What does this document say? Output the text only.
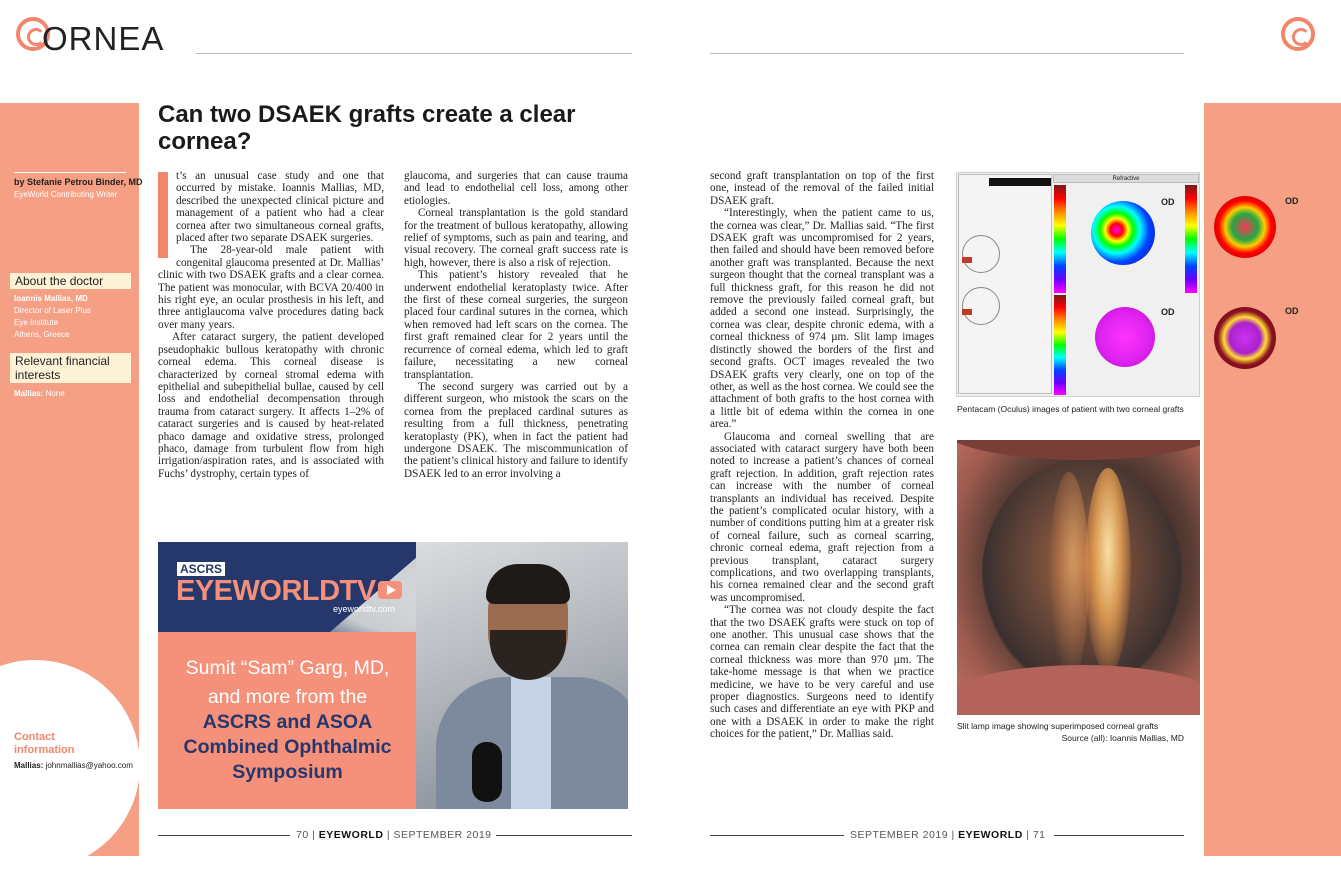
ORNEA
by Stefanie Petrou Binder, MD
EyeWorld Contributing Writer
About the doctor
Ioannis Mallias, MD
Director of Laser Plus
Eye Institute
Athens, Greece
Relevant financial
interests
Mallias: None
Contact
information
Mallias: johnmallias@yahoo.com
Can two DSAEK grafts create a clear cornea?

t’s an unusual case study and one that occurred by mistake. Ioannis Mallias, MD, described the unexpected clinical picture and management of a patient who had a clear cornea after two simultaneous corneal grafts, placed after two separate DSAEK surgeries.

The 28-year-old male patient with congenital glaucoma presented at Dr. Mallias’ clinic with two DSAEK grafts and a clear cornea. The patient was monocular, with BCVA 20/400 in his right eye, an ocular prosthesis in his left, and three antiglaucoma valve procedures dating back over many years.

After cataract surgery, the patient developed pseudophakic bullous keratopathy with chronic corneal edema. This corneal disease is characterized by corneal stromal edema with epithelial and subepithelial bullae, caused by cell loss and endothelial decompensation through trauma from cataract surgery. It affects 1–2% of cataract surgeries and is caused by heat-related phaco damage and oxidative stress, prolonged phaco, damage from turbulent flow from high irrigation/aspiration rates, and is associated with Fuchs’ dystrophy, certain types of

glaucoma, and surgeries that can cause trauma and lead to endothelial cell loss, among other etiologies.

Corneal transplantation is the gold standard for the treatment of bullous keratopathy, allowing relief of symptoms, such as pain and tearing, and visual recovery. The corneal graft success rate is high, however, there is also a risk of rejection.

This patient’s history revealed that he underwent endothelial keratoplasty twice. After the first of these corneal surgeries, the surgeon placed four cardinal sutures in the cornea, which when removed had left scars on the cornea. The first graft remained clear for 2 years until the recurrence of corneal edema, which led to graft failure, necessitating a new corneal transplantation.

The second surgery was carried out by a different surgeon, who mistook the scars on the cornea from the preplaced cardinal sutures as resulting from a full thickness, penetrating keratoplasty (PK), when in fact the patient had undergone DSAEK. The miscommunication of the patient’s clinical history and failure to identify DSAEK led to an error involving a

second graft transplantation on top of the first one, instead of the removal of the failed initial DSAEK graft.

“Interestingly, when the patient came to us, the cornea was clear,” Dr. Mallias said. “The first DSAEK graft was uncompromised for 2 years, then failed and should have been removed before another graft was transplanted. Because the next surgeon thought that the corneal transplant was a full thickness graft, for this reason he did not remove the previously failed corneal graft, but added a second one instead. Surprisingly, the cornea was clear, despite chronic edema, with a corneal thickness of 974 µm. Slit lamp images distinctly showed the borders of the first and second grafts. OCT images revealed the two DSAEK grafts very clearly, one on top of the other, as well as the host cornea. We could see the attachment of both grafts to the host cornea with a little bit of edema within the cornea in one area.”

Glaucoma and corneal swelling that are associated with cataract surgery have both been noted to increase a patient’s chances of corneal graft rejection. In addition, graft rejection rates can increase with the number of corneal transplants an individual has received. Despite the patient’s complicated ocular history, with a number of conditions putting him at a greater risk of corneal failure, such as corneal scarring, chronic corneal edema, graft rejection from a previous transplant, cataract surgery complications, and two overlapping transplants, his cornea remained clear and the second graft was uncompromised.

“The cornea was not cloudy despite the fact that the two DSAEK grafts were stuck on top of one another. This unusual case shows that the cornea can remain clear despite the fact that the corneal thickness was more than 970 µm. The take-home message is that when we practice medicine, we have to be very careful and use proper diagnostics. Surgeons need to identify such cases and differentiate an eye with PKP and one with a DSAEK in order to make the right choices for the patient,” Dr. Mallias said.

ASCRS
EYEWORLDTV
eyeworldtv.com
Sumit “Sam” Garg, MD,
and more from the
ASCRS and ASOA
Combined Ophthalmic
Symposium
Refractive
OD
OD
OD
OD
Pentacam (Oculus) images of patient with two corneal grafts
Slit lamp image showing superimposed corneal grafts
Source (all): Ioannis Mallias, MD
70 | EYEWORLD | SEPTEMBER 2019	SEPTEMBER 2019 | EYEWORLD | 71
